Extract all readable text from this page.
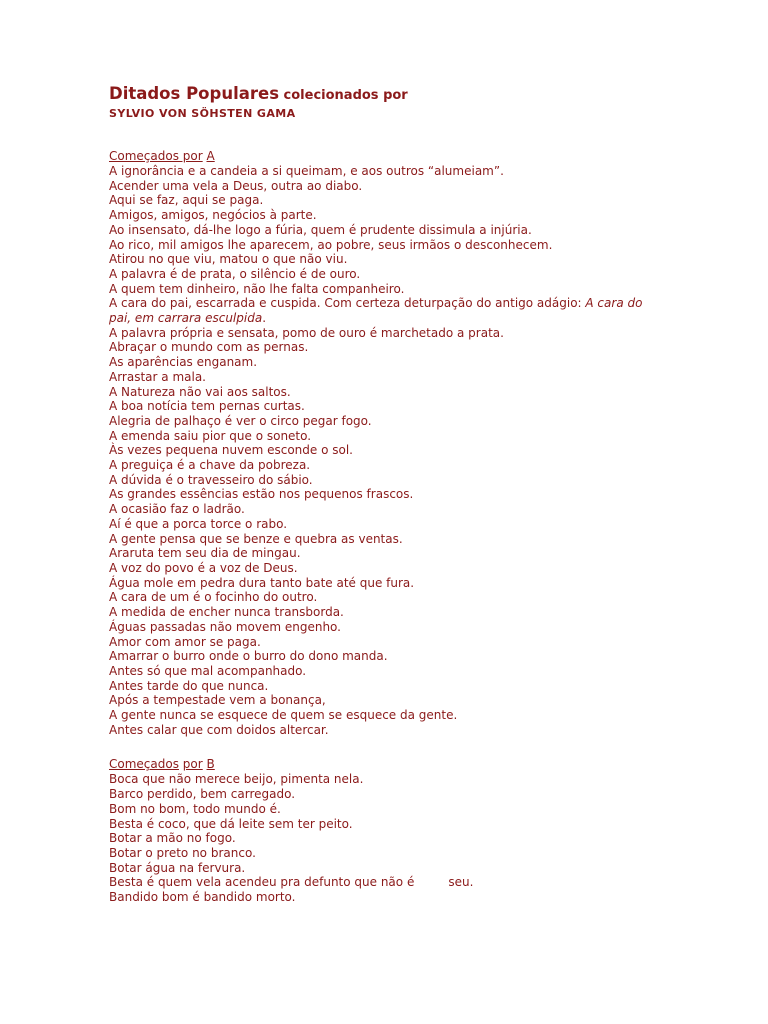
Ditados Populares colecionados por

SYLVIO VON SÖHSTEN GAMA

Começados por A

A ignorância e a candeia a si queimam, e aos outros “alumeiam”.
Acender uma vela a Deus, outra ao diabo.
Aqui se faz, aqui se paga.
Amigos, amigos, negócios à parte.
Ao insensato, dá-lhe logo a fúria, quem é prudente dissimula a injúria.
Ao rico, mil amigos lhe aparecem, ao pobre, seus irmãos o desconhecem.
Atirou no que viu, matou o que não viu.
A palavra é de prata, o silêncio é de ouro.
A quem tem dinheiro, não lhe falta companheiro.
A cara do pai, escarrada e cuspida. Com certeza deturpação do antigo adágio: A cara do pai, em carrara esculpida.
A palavra própria e sensata, pomo de ouro é marchetado a prata.
Abraçar o mundo com as pernas.
As aparências enganam.
Arrastar a mala.
A Natureza não vai aos saltos.
A boa notícia tem pernas curtas.
Alegria de palhaço é ver o circo pegar fogo.
A emenda saiu pior que o soneto.
Às vezes pequena nuvem esconde o sol.
A preguiça é a chave da pobreza.
A dúvida é o travesseiro do sábio.
As grandes essências estão nos pequenos frascos.
A ocasião faz o ladrão.
Aí é que a porca torce o rabo.
A gente pensa que se benze e quebra as ventas.
Araruta tem seu dia de mingau.
A voz do povo é a voz de Deus.
Água mole em pedra dura tanto bate até que fura.
A cara de um é o focinho do outro.
A medida de encher nunca transborda.
Águas passadas não movem engenho.
Amor com amor se paga.
Amarrar o burro onde o burro do dono manda.
Antes só que mal acompanhado.
Antes tarde do que nunca.
Após a tempestade vem a bonança,
A gente nunca se esquece de quem se esquece da gente.
Antes calar que com doidos altercar.

Começados por B

Boca que não merece beijo, pimenta nela.
Barco perdido, bem carregado.
Bom no bom, todo mundo é.
Besta é coco, que dá leite sem ter peito.
Botar a mão no fogo.
Botar o preto no branco.
Botar água na fervura.
Besta é quem vela acendeu pra defunto que não é	seu.
Bandido bom é bandido morto.
